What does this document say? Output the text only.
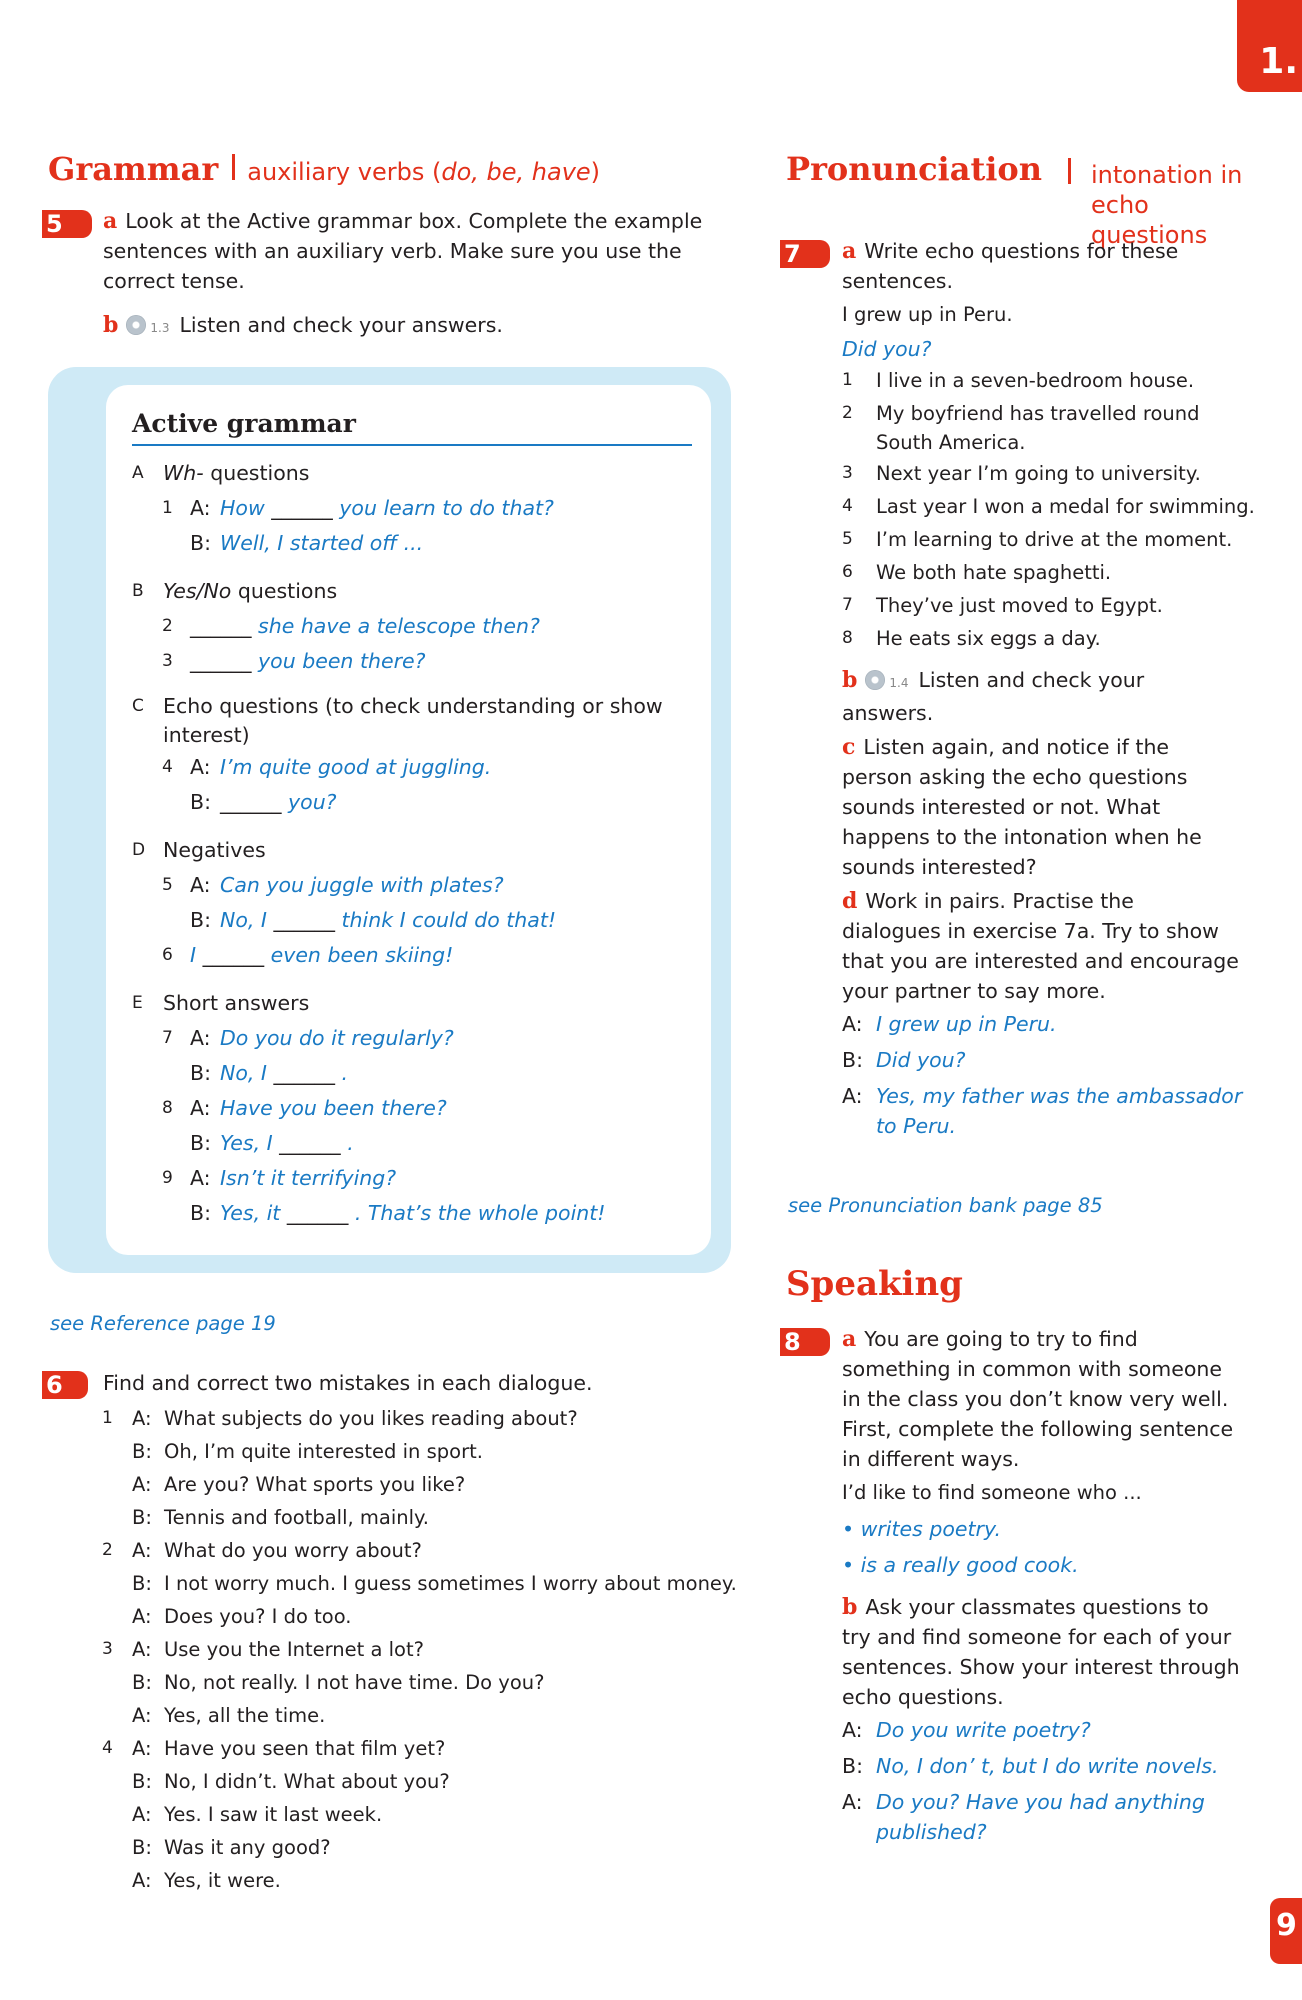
1.
9
Grammar auxiliary verbs (do, be, have)
5	a Look at the Active grammar box. Complete the example
sentences with an auxiliary verb. Make sure you use the
correct tense.
b	1.3 Listen and check your answers.
Active grammar
A Wh- questions
1 A: How ______ you learn to do that?
B: Well, I started off ...
B Yes/No questions
2 ______ she have a telescope then?
3 ______ you been there?
C Echo questions (to check understanding or show
interest)
4 A: I’m quite good at juggling.
B: ______ you?
D Negatives
5 A: Can you juggle with plates?
B: No, I ______ think I could do that!
6 I ______ even been skiing!
E Short answers
7 A: Do you do it regularly?
B: No, I ______ .
8 A: Have you been there?
B: Yes, I ______ .
9 A: Isn’t it terrifying?
B: Yes, it ______ . That’s the whole point!
see Reference page 19
6	Find and correct two mistakes in each dialogue.
1 A: What subjects do you likes reading about?
B: Oh, I’m quite interested in sport.
A: Are you? What sports you like?
B: Tennis and football, mainly.
2 A: What do you worry about?
B: I not worry much. I guess sometimes I worry about money.
A: Does you? I do too.
3 A: Use you the Internet a lot?
B: No, not really. I not have time. Do you?
A: Yes, all the time.
4 A: Have you seen that film yet?
B: No, I didn’t. What about you?
A: Yes. I saw it last week.
B: Was it any good?
A: Yes, it were.
Pronunciation intonation in
echo questions
7	a Write echo questions for these
sentences.
I grew up in Peru.
Did you?
1	I live in a seven-bedroom house.
2	My boyfriend has travelled round
South America.
3	Next year I’m going to university.
4	Last year I won a medal for swimming.
5	I’m learning to drive at the moment.
6	We both hate spaghetti.
7	They’ve just moved to Egypt.
8	He eats six eggs a day.
b	1.4 Listen and check your
answers.
c Listen again, and notice if the
person asking the echo questions
sounds interested or not. What
happens to the intonation when he
sounds interested?
d Work in pairs. Practise the
dialogues in exercise 7a. Try to show
that you are interested and encourage
your partner to say more.
A: I grew up in Peru.
B: Did you?
A: Yes, my father was the ambassador
to Peru.
see Pronunciation bank page 85
Speaking
8	a You are going to try to find
something in common with someone
in the class you don’t know very well.
First, complete the following sentence
in different ways.
I’d like to find someone who ...
• writes poetry.
• is a really good cook.
b Ask your classmates questions to
try and find someone for each of your
sentences. Show your interest through
echo questions.
A: Do you write poetry?
B: No, I don’ t, but I do write novels.
A: Do you? Have you had anything
published?
